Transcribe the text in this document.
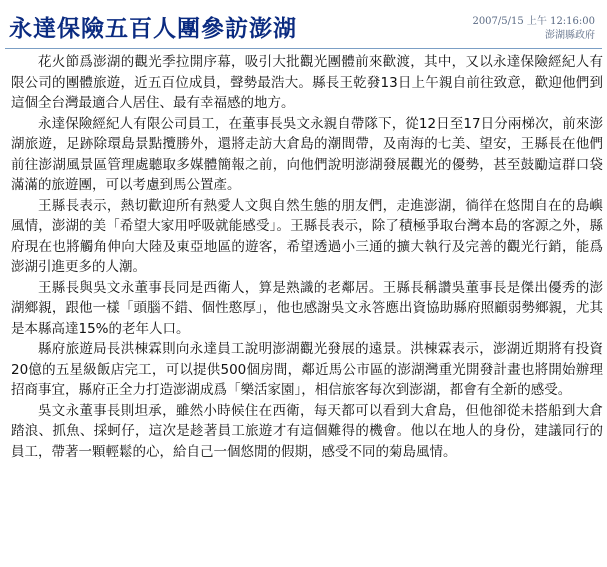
永達保險五百人團參訪澎湖	2007/5/15 上午 12:16:00
澎湖縣政府

花火節爲澎湖的觀光季拉開序幕，吸引大批觀光團體前來歡渡，其中，又以永達保險經紀人有限公司的團體旅遊，近五百位成員，聲勢最浩大。縣長王乾發13日上午親自前往致意，歡迎他們到這個全台灣最適合人居住、最有幸福感的地方。

永達保險經紀人有限公司員工，在董事長吳文永親自帶隊下，從12日至17日分兩梯次，前來澎湖旅遊，足跡除環島景點攬勝外，還將走訪大倉島的潮間帶，及南海的七美、望安，王縣長在他們前往澎湖風景區管理處聽取多媒體簡報之前，向他們說明澎湖發展觀光的優勢，甚至鼓勵這群口袋滿滿的旅遊團，可以考慮到馬公置產。

王縣長表示，熱切歡迎所有熱愛人文與自然生態的朋友們，走進澎湖，徜徉在悠閒自在的島嶼風情，澎湖的美「希望大家用呼吸就能感受」。王縣長表示，除了積極爭取台灣本島的客源之外，縣府現在也將觸角伸向大陸及東亞地區的遊客，希望透過小三通的擴大執行及完善的觀光行銷，能爲澎湖引進更多的人潮。

王縣長與吳文永董事長同是西衛人，算是熟識的老鄰居。王縣長稱讚吳董事長是傑出優秀的澎湖鄉親，跟他一樣「頭腦不錯、個性憨厚」，他也感謝吳文永答應出資協助縣府照顧弱勢鄉親，尤其是本縣高達15%的老年人口。

縣府旅遊局長洪棟霖則向永達員工說明澎湖觀光發展的遠景。洪棟霖表示，澎湖近期將有投資20億的五星級飯店完工，可以提供500個房間，鄰近馬公市區的澎湖灣重光開發計畫也將開始辦理招商事宜，縣府正全力打造澎湖成爲「樂活家園」，相信旅客每次到澎湖，都會有全新的感受。

吳文永董事長則坦承，雖然小時候住在西衛，每天都可以看到大倉島，但他卻從未搭船到大倉踏浪、抓魚、採蚵仔，這次是趁著員工旅遊才有這個難得的機會。他以在地人的身份，建議同行的員工，帶著一顆輕鬆的心，給自己一個悠閒的假期，感受不同的菊島風情。
